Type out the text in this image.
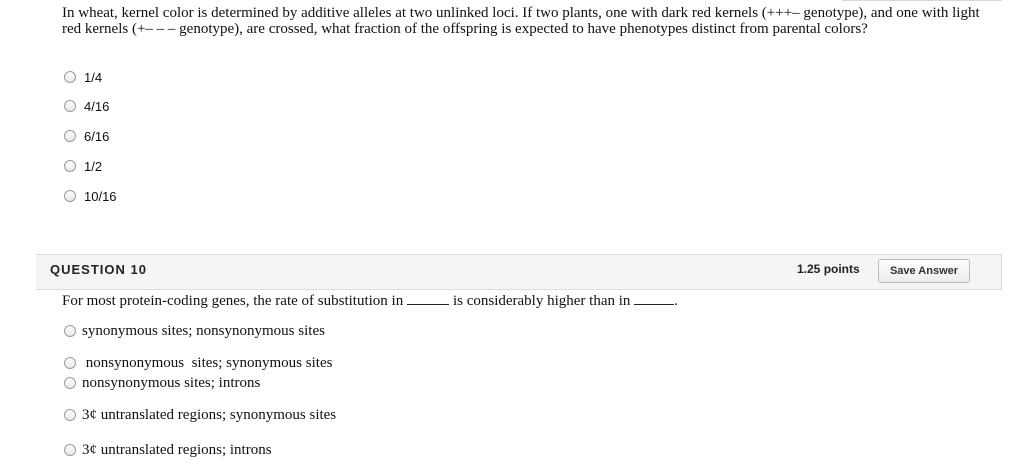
In wheat, kernel color is determined by additive alleles at two unlinked loci. If two plants, one with dark red kernels (+++– genotype), and one with light red kernels (+– – – genotype), are crossed, what fraction of the offspring is expected to have phenotypes distinct from parental colors?
1/4
4/16
6/16
1/2
10/16
QUESTION 10	1.25 points	Save Answer
For most protein-coding genes, the rate of substitution in	is considerably higher than in	.
synonymous sites; nonsynonymous sites
nonsynonymous  sites; synonymous sites
nonsynonymous sites; introns
3¢ untranslated regions; synonymous sites
3¢ untranslated regions; introns
